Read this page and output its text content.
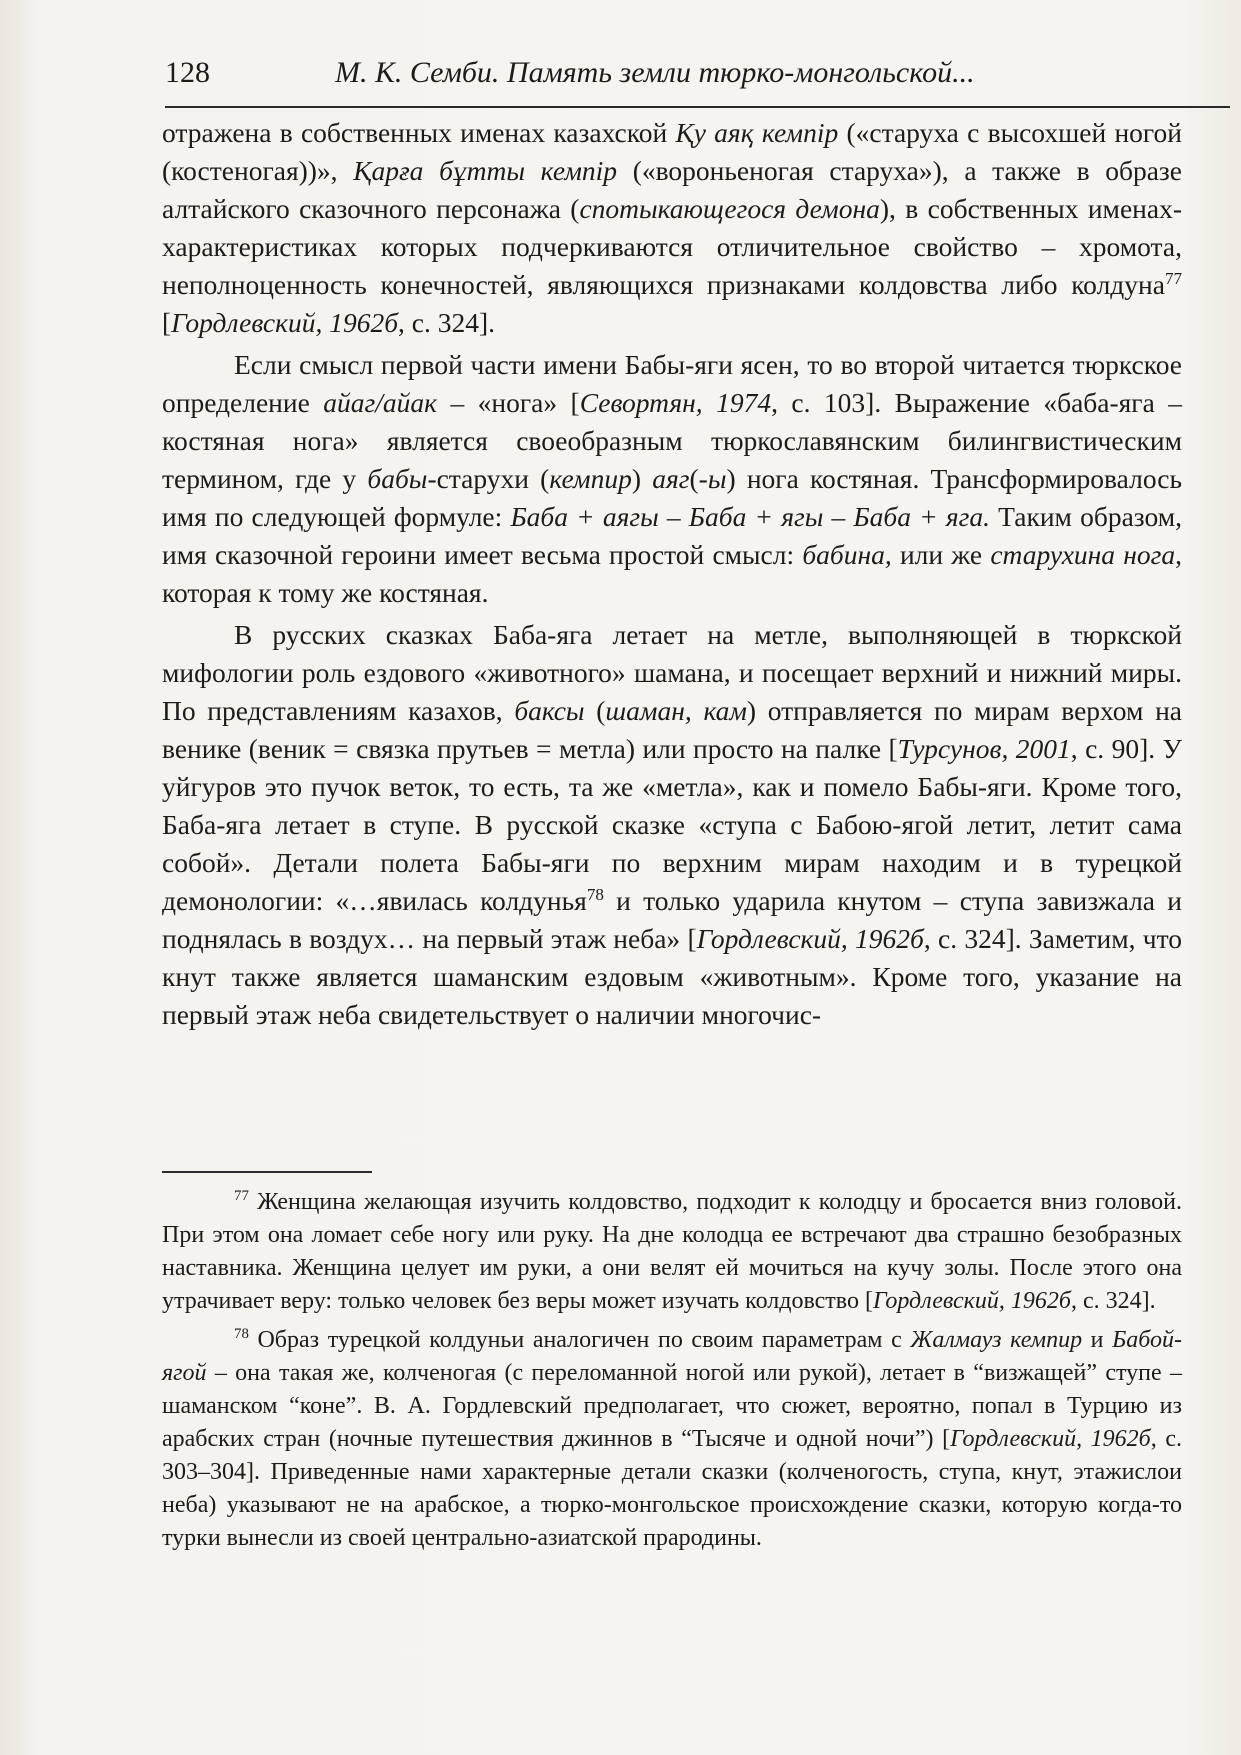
128	М. К. Семби. Память земли тюрко-монгольской...

отражена в собственных именах казахской Қу аяқ кемпір («старуха с высохшей ногой (костеногая))», Қарға бұтты кемпір («вороньеногая старуха»), а также в образе алтайского сказочного персонажа (спотыкающегося демона), в собственных именах-характеристиках которых подчеркиваются отличительное свойство – хромота, неполноценность конечностей, являющихся признаками колдовства либо колдуна$^{77}$ [Гордлевский, 1962б, с. 324].

Если смысл первой части имени Бабы-яги ясен, то во второй читается тюркское определение айаг/айак – «нога» [Севортян, 1974, с. 103]. Выражение «баба-яга – костяная нога» является своеобразным тюркославянским билингвистическим термином, где у бабы-старухи (кемпир) аяг(-ы) нога костяная. Трансформировалось имя по следующей формуле: Баба + аягы – Баба + ягы – Баба + яга. Таким образом, имя сказочной героини имеет весьма простой смысл: бабина, или же старухина нога, которая к тому же костяная.

В русских сказках Баба-яга летает на метле, выполняющей в тюркской мифологии роль ездового «животного» шамана, и посещает верхний и нижний миры. По представлениям казахов, баксы (шаман, кам) отправляется по мирам верхом на венике (веник = связка прутьев = метла) или просто на палке [Турсунов, 2001, с. 90]. У уйгуров это пучок веток, то есть, та же «метла», как и помело Бабы-яги. Кроме того, Баба-яга летает в ступе. В русской сказке «ступа с Бабою-ягой летит, летит сама собой». Детали полета Бабы-яги по верхним мирам находим и в турецкой демонологии: «…явилась колдунья$^{78}$ и только ударила кнутом – ступа завизжала и поднялась в воздух… на первый этаж неба» [Гордлевский, 1962б, с. 324]. Заметим, что кнут также является шаманским ездовым «животным». Кроме того, указание на первый этаж неба свидетельствует о наличии многочис-

$^{77}$ Женщина желающая изучить колдовство, подходит к колодцу и бросается вниз головой. При этом она ломает себе ногу или руку. На дне колодца ее встречают два страшно безобразных наставника. Женщина целует им руки, а они велят ей мочиться на кучу золы. После этого она утрачивает веру: только человек без веры может изучать колдовство [Гордлевский, 1962б, с. 324].

$^{78}$ Образ турецкой колдуньи аналогичен по своим параметрам с Жалмауз кемпир и Бабой-ягой – она такая же, колченогая (с переломанной ногой или рукой), летает в “визжащей” ступе – шаманском “коне”. В. А. Гордлевский предполагает, что сюжет, вероятно, попал в Турцию из арабских стран (ночные путешествия джиннов в “Тысяче и одной ночи”) [Гордлевский, 1962б, с. 303–304]. Приведенные нами характерные детали сказки (колченогость, ступа, кнут, этажислои неба) указывают не на арабское, а тюрко-монгольское происхождение сказки, которую когда-то турки вынесли из своей центрально-азиатской прародины.
